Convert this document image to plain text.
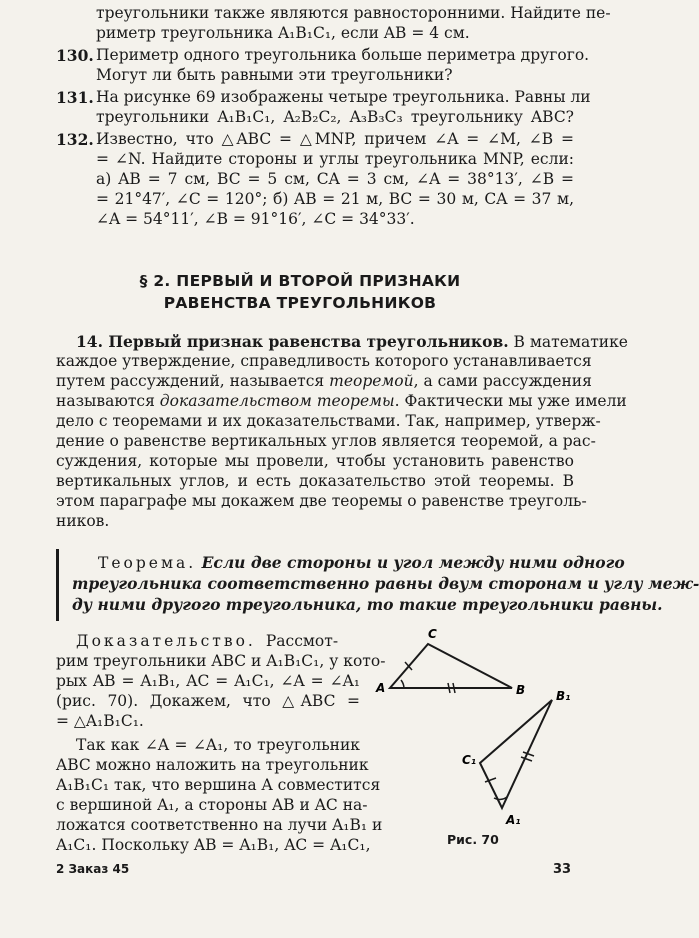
треугольники также являются равносторонними. Найдите пе-
риметр треугольника A₁B₁C₁, если AB = 4 см.
130. Периметр одного треугольника больше периметра другого.
Могут ли быть равными эти треугольники?
131. На рисунке 69 изображены четыре треугольника. Равны ли
треугольники A₁B₁C₁, A₂B₂C₂, A₃B₃C₃ треугольнику ABC?
132. Известно, что △ABC = △MNP, причем ∠A = ∠M, ∠B =
= ∠N. Найдите стороны и углы треугольника MNP, если:
а) AB = 7 см, BC = 5 см, CA = 3 см, ∠A = 38°13′, ∠B =
= 21°47′, ∠C = 120°; б) AB = 21 м, BC = 30 м, CA = 37 м,
∠A = 54°11′, ∠B = 91°16′, ∠C = 34°33′.
§ 2. ПЕРВЫЙ И ВТОРОЙ ПРИЗНАКИ
РАВЕНСТВА ТРЕУГОЛЬНИКОВ
14. Первый признак равенства треугольников. В математике
каждое утверждение, справедливость которого устанавливается
путем рассуждений, называется теоремой, а сами рассуждения
называются доказательством теоремы. Фактически мы уже имели
дело с теоремами и их доказательствами. Так, например, утверж-
дение о равенстве вертикальных углов является теоремой, а рас-
суждения, которые мы провели, чтобы установить равенство
вертикальных углов, и есть доказательство этой теоремы. В
этом параграфе мы докажем две теоремы о равенстве треуголь-
ников.
Теорема. Если две стороны и угол между ними одного
треугольника соответственно равны двум сторонам и углу меж-
ду ними другого треугольника, то такие треугольники равны.
Доказательство. Рассмот-
рим треугольники ABC и A₁B₁C₁, у кото-
рых AB = A₁B₁, AC = A₁C₁, ∠A = ∠A₁
(рис. 70). Докажем, что △ABC =
= △A₁B₁C₁.
Так как ∠A = ∠A₁, то треугольник
ABC можно наложить на треугольник
A₁B₁C₁ так, что вершина A совместится
с вершиной A₁, а стороны AB и AC на-
ложатся соответственно на лучи A₁B₁ и
A₁C₁. Поскольку AB = A₁B₁, AC = A₁C₁,
A	B
C
A₁
B₁
C₁
Рис. 70
2 Заказ 45	33
